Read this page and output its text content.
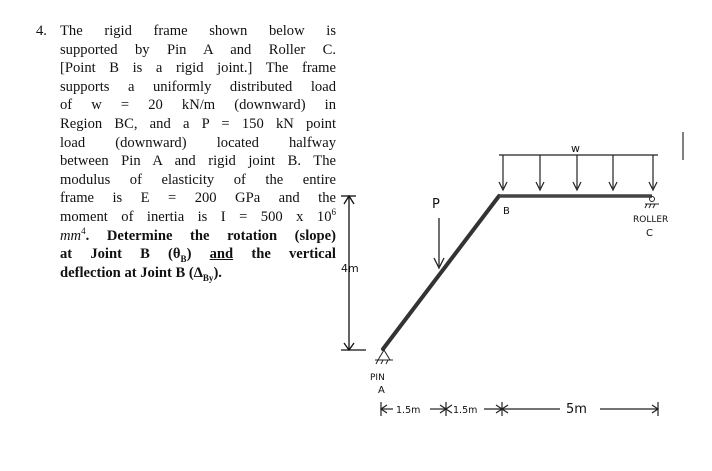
4. The rigid frame shown below is
supported by Pin A and Roller C.
[Point B is a rigid joint.] The frame
supports a uniformly distributed load
of w = 20 kN/m (downward) in
Region BC, and a P = 150 kN point
load (downward) located halfway
between Pin A and rigid joint B. The
modulus of elasticity of the entire
frame is E = 200 GPa and the
moment of inertia is I = 500 x $10^6$
$mm^4$. Determine the rotation (slope)
at Joint B $(\theta_B)$ and the vertical
deflection at Joint B $(\Delta_{By})$.	4m
w
P	B
ROLLER
C
PIN
A
1.5m	1.5m	5m
